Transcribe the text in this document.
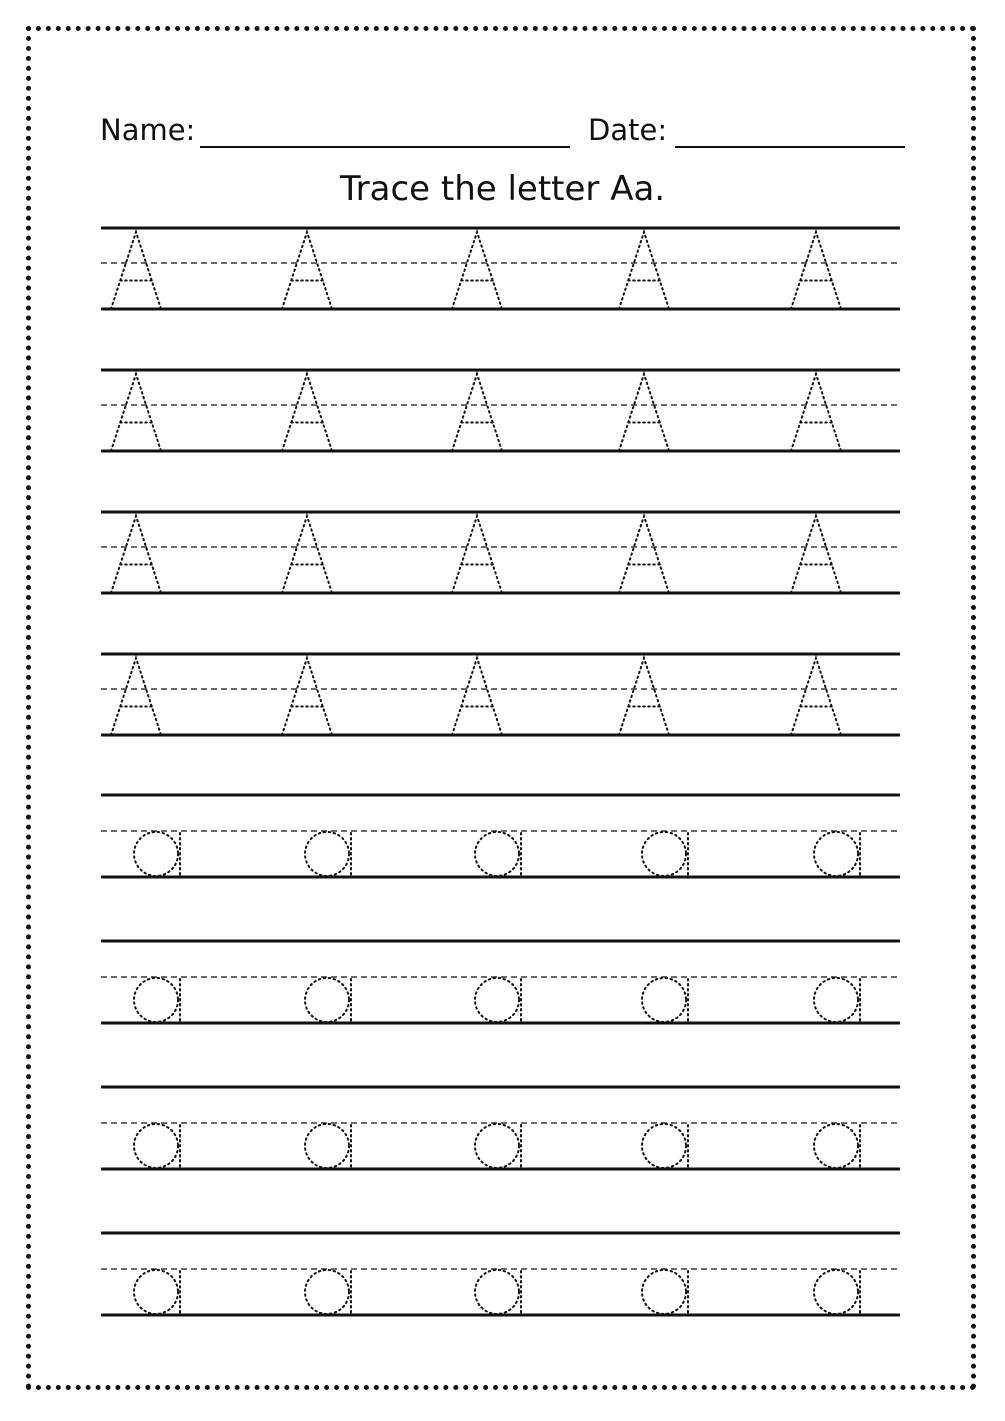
Name:	Date:
Trace the letter Aa.
